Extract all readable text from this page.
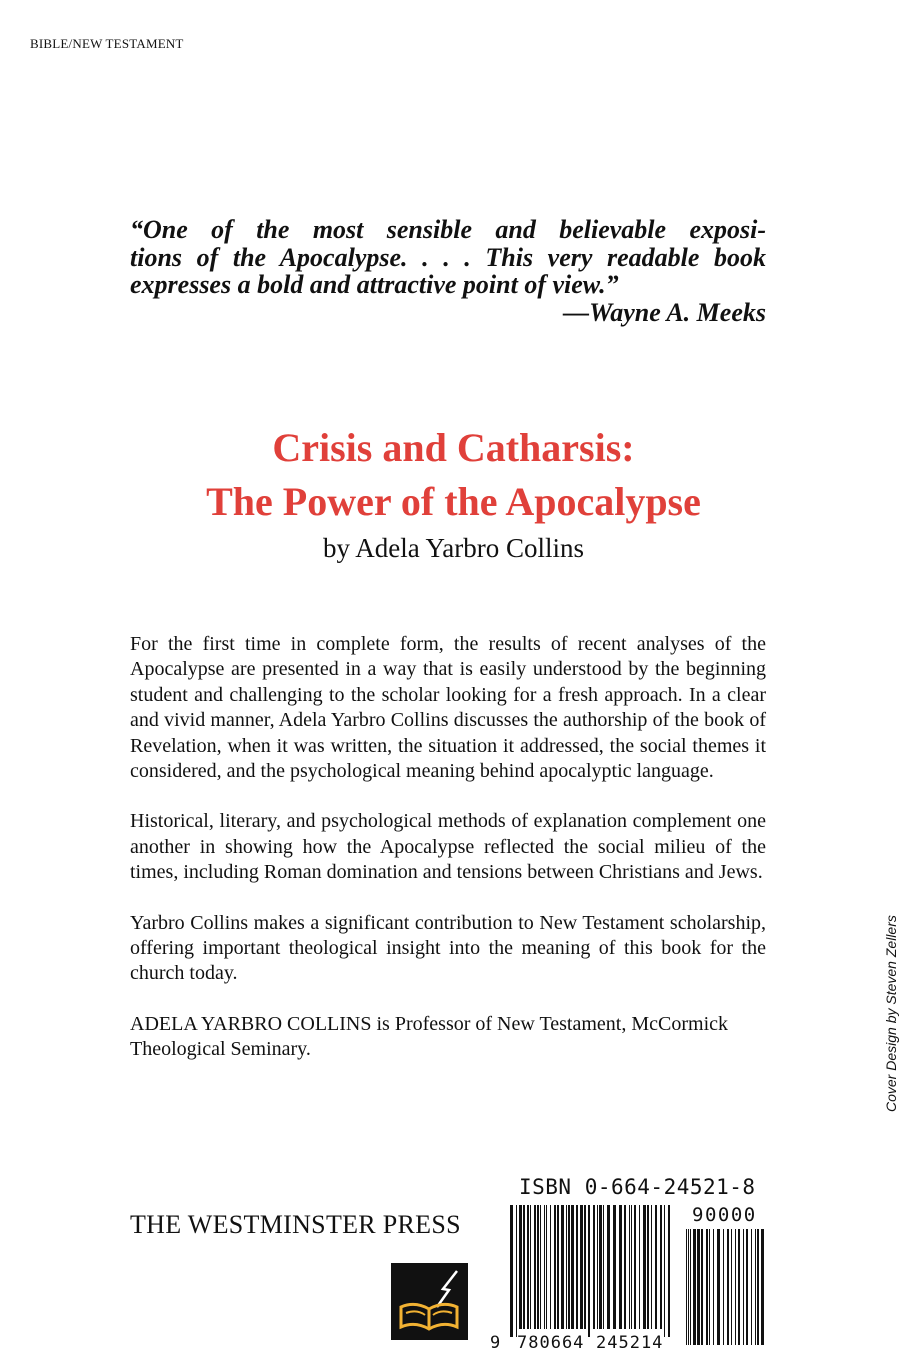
BIBLE/NEW TESTAMENT
“One of the most sensible and believable exposi-
tions of the Apocalypse. . . . This very readable book
expresses a bold and attractive point of view.”
—Wayne A. Meeks
Crisis and Catharsis:
The Power of the Apocalypse
by Adela Yarbro Collins

For the first time in complete form, the results of recent analyses of the Apocalypse are presented in a way that is easily understood by the beginning student and challenging to the scholar looking for a fresh approach. In a clear and vivid manner, Adela Yarbro Collins discusses the authorship of the book of Revelation, when it was written, the situation it addressed, the social themes it considered, and the psychological meaning behind apocalyptic language.

Historical, literary, and psychological methods of explanation complement one another in showing how the Apocalypse reflected the social milieu of the times, including Roman domination and tensions between Christians and Jews.

Yarbro Collins makes a significant contribution to New Testament scholarship, offering important theological insight into the meaning of this book for the church today.

ADELA YARBRO COLLINS is Professor of New Testament, McCormick Theological Seminary.	Cover Design by Steven Zellers
THE WESTMINSTER PRESS
ISBN 0-664-24521-8
9 780664 245214
90000
